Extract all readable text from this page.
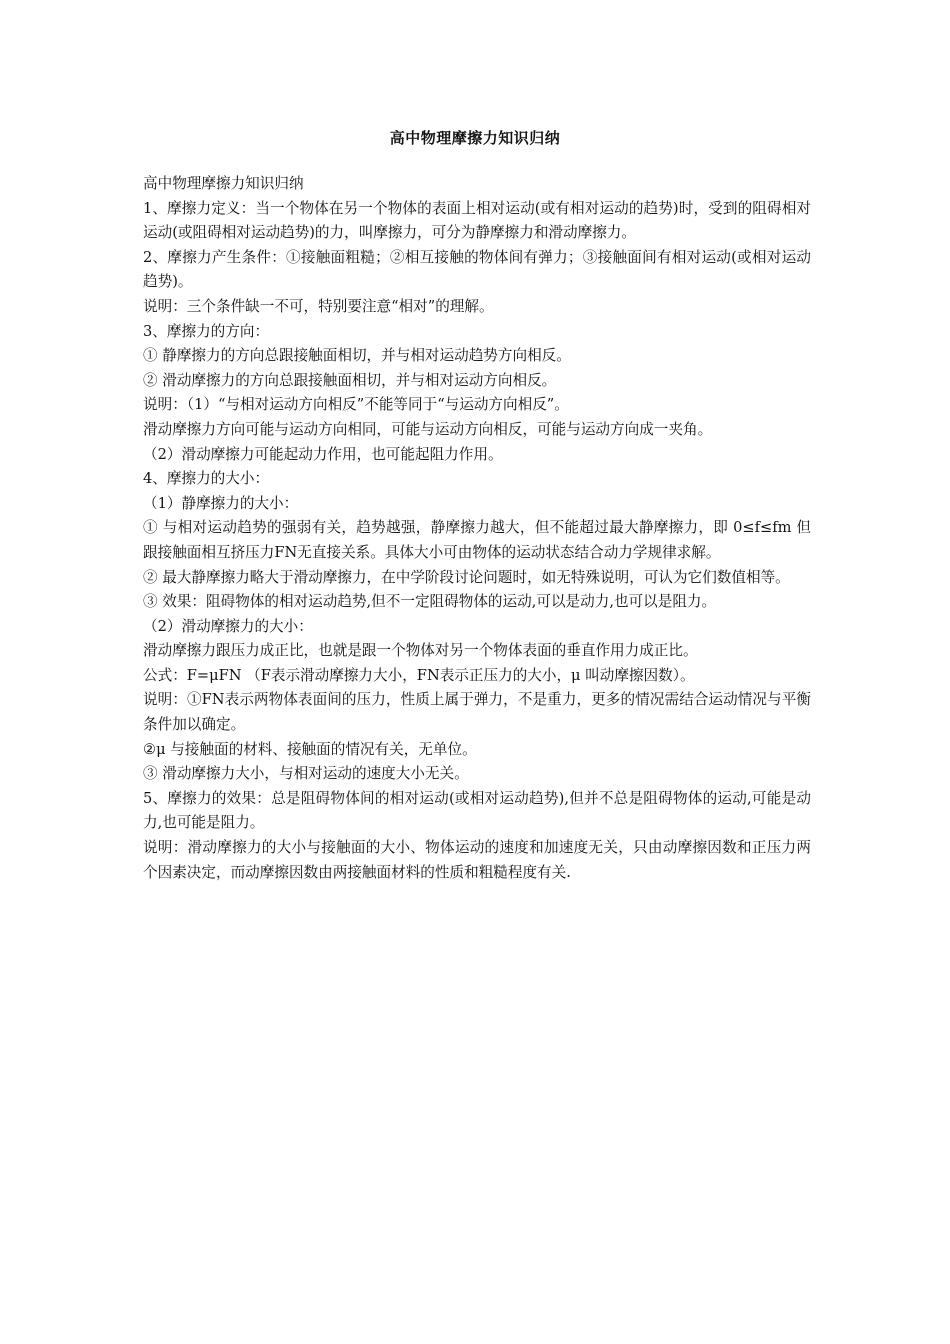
高中物理摩擦力知识归纳
高中物理摩擦力知识归纳
1、摩擦力定义：当一个物体在另一个物体的表面上相对运动(或有相对运动的趋势)时，受到的阻碍相对运动(或阻碍相对运动趋势)的力，叫摩擦力，可分为静摩擦力和滑动摩擦力。
2、摩擦力产生条件：①接触面粗糙；②相互接触的物体间有弹力；③接触面间有相对运动(或相对运动趋势)。
说明：三个条件缺一不可，特别要注意“相对”的理解。
3、摩擦力的方向：
① 静摩擦力的方向总跟接触面相切，并与相对运动趋势方向相反。
② 滑动摩擦力的方向总跟接触面相切，并与相对运动方向相反。
说明：（1）“与相对运动方向相反”不能等同于“与运动方向相反”。
滑动摩擦力方向可能与运动方向相同，可能与运动方向相反，可能与运动方向成一夹角。
（2）滑动摩擦力可能起动力作用，也可能起阻力作用。
4、摩擦力的大小：
（1）静摩擦力的大小：
① 与相对运动趋势的强弱有关，趋势越强，静摩擦力越大，但不能超过最大静摩擦力，即 0≤f≤fm 但跟接触面相互挤压力FN无直接关系。具体大小可由物体的运动状态结合动力学规律求解。
② 最大静摩擦力略大于滑动摩擦力，在中学阶段讨论问题时，如无特殊说明，可认为它们数值相等。
③ 效果：阻碍物体的相对运动趋势,但不一定阻碍物体的运动,可以是动力,也可以是阻力。
（2）滑动摩擦力的大小：
滑动摩擦力跟压力成正比，也就是跟一个物体对另一个物体表面的垂直作用力成正比。
公式：F=μFN （F表示滑动摩擦力大小，FN表示正压力的大小，μ 叫动摩擦因数）。
说明：①FN表示两物体表面间的压力，性质上属于弹力，不是重力，更多的情况需结合运动情况与平衡条件加以确定。
②μ 与接触面的材料、接触面的情况有关，无单位。
③ 滑动摩擦力大小，与相对运动的速度大小无关。
5、摩擦力的效果：总是阻碍物体间的相对运动(或相对运动趋势),但并不总是阻碍物体的运动,可能是动力,也可能是阻力。
说明：滑动摩擦力的大小与接触面的大小、物体运动的速度和加速度无关，只由动摩擦因数和正压力两个因素决定，而动摩擦因数由两接触面材料的性质和粗糙程度有关.
